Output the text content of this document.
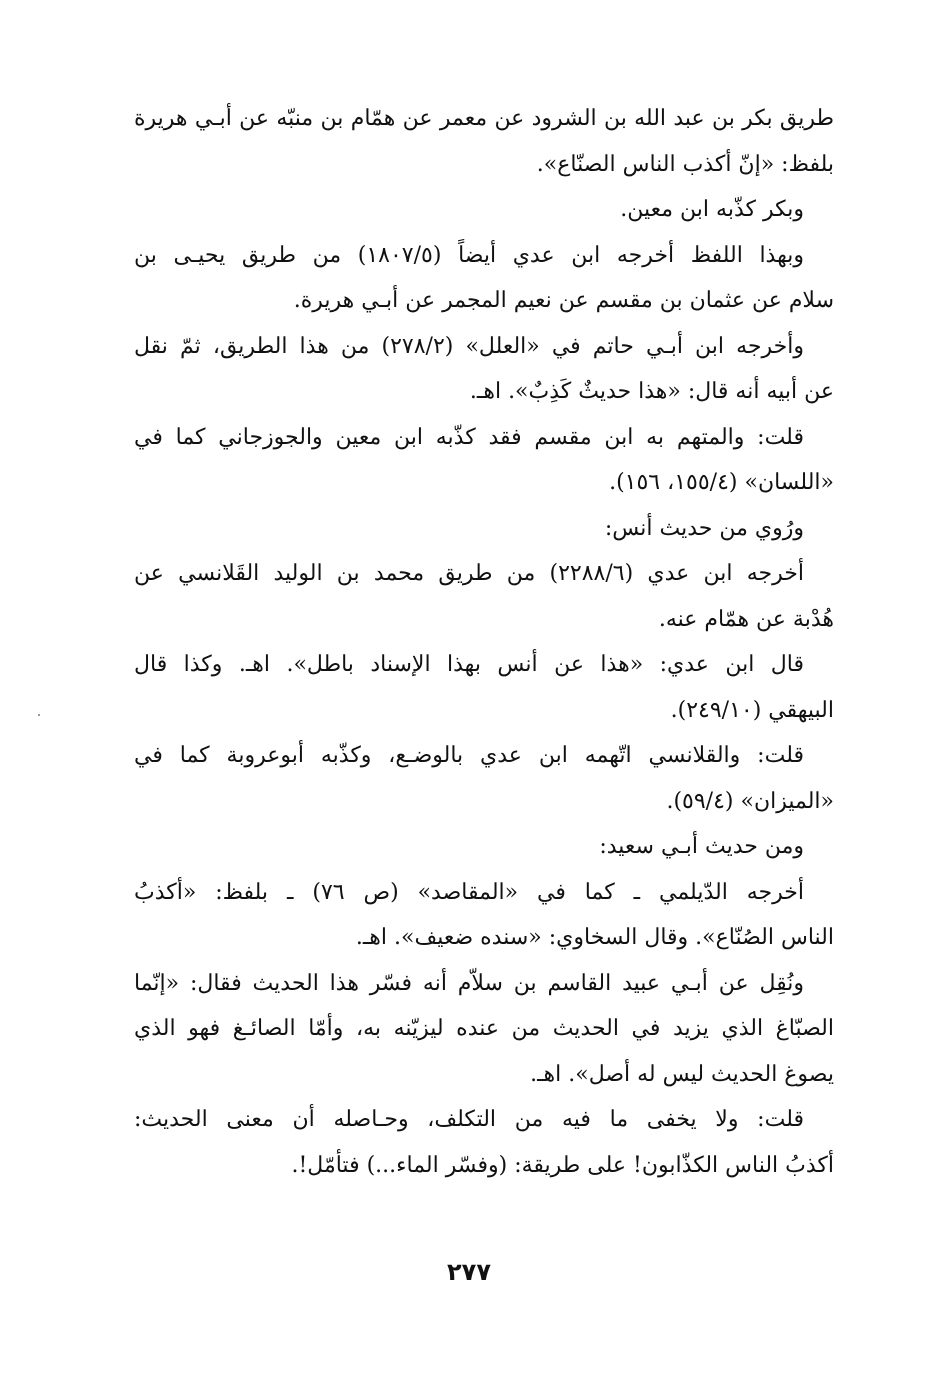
طريق بكر بن عبد الله بن الشرود عن معمر عن همّام بن منبّه عن أبـي هريرة
بلفظ: «إنّ أكذب الناس الصنّاع».
وبكر كذّبه ابن معين.
وبهذا اللفظ أخرجه ابن عدي أيضاً (١٨٠٧/٥) من طريق يحيـى بن
سلام عن عثمان بن مقسم عن نعيم المجمر عن أبـي هريرة.
وأخرجه ابن أبـي حاتم في «العلل» (٢٧٨/٢) من هذا الطريق، ثمّ نقل
عن أبيه أنه قال: «هذا حديثٌ كَذِبٌ». اهـ.
قلت: والمتهم به ابن مقسم فقد كذّبه ابن معين والجوزجاني كما في
«اللسان» (١٥٥/٤، ١٥٦).
ورُوي من حديث أنس:
أخرجه ابن عدي (٢٢٨٨/٦) من طريق محمد بن الوليد القَلانسي عن
هُدْبة عن همّام عنه.
قال ابن عدي: «هذا عن أنس بهذا الإسناد باطل». اهـ. وكذا قال
البيهقي (٢٤٩/١٠).
قلت: والقلانسي اتّهمه ابن عدي بالوضـع، وكذّبه أبوعروبة كما في
«الميزان» (٥٩/٤).
ومن حديث أبـي سعيد:
أخرجه الدّيلمي ـ كما في «المقاصد» (ص ٧٦) ـ بلفظ: «أكذبُ
الناس الصُنّاع». وقال السخاوي: «سنده ضعيف». اهـ.
ونُقِل عن أبـي عبيد القاسم بن سلاّم أنه فسّر هذا الحديث فقال: «إنّما
الصبّاغ الذي يزيد في الحديث من عنده ليزيّنه به، وأمّا الصائـغ فهو الذي
يصوغ الحديث ليس له أصل». اهـ.
قلت: ولا يخفى ما فيه من التكلف، وحـاصله أن معنى الحديث:
أكذبُ الناس الكذّابون! على طريقة: (وفسّر الماء...) فتأمّل!.
٢٧٧
